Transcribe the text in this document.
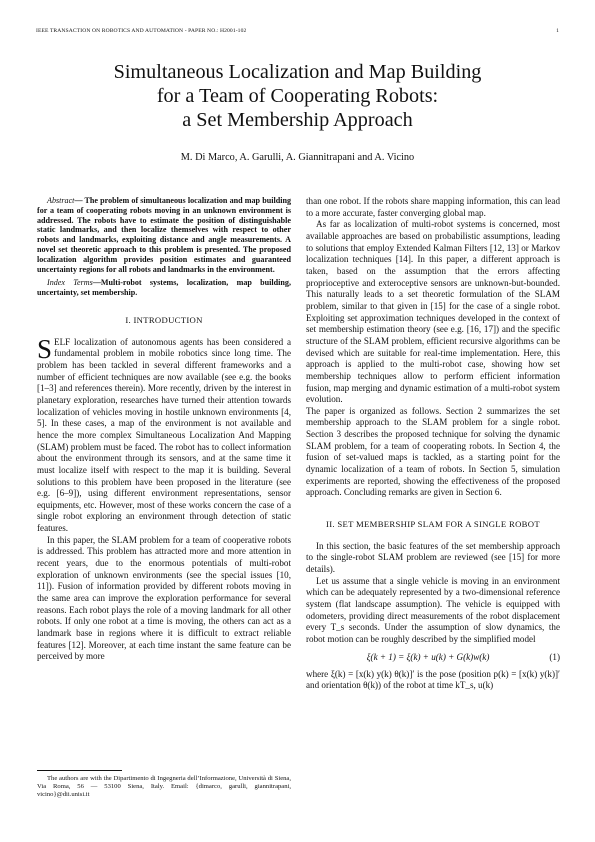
IEEE TRANSACTION ON ROBOTICS AND AUTOMATION - PAPER NO.: H2001-102	1
Simultaneous Localization and Map Building
for a Team of Cooperating Robots:
a Set Membership Approach
M. Di Marco, A. Garulli, A. Giannitrapani and A. Vicino

Abstract— The problem of simultaneous localization and map building for a team of cooperating robots moving in an unknown environment is addressed. The robots have to estimate the position of distinguishable static landmarks, and then localize themselves with respect to other robots and landmarks, exploiting distance and angle measurements. A novel set theoretic approach to this problem is presented. The proposed localization algorithm provides position estimates and guaranteed uncertainty regions for all robots and landmarks in the environment.

Index Terms—Multi-robot systems, localization, map building, uncertainty, set membership.

I. INTRODUCTION

SELF localization of autonomous agents has been considered a fundamental problem in mobile robotics since long time. The problem has been tackled in several different frameworks and a number of efficient techniques are now available (see e.g. the books [1–3] and references therein). More recently, driven by the interest in planetary exploration, researches have turned their attention towards localization of vehicles moving in hostile unknown environments [4, 5]. In these cases, a map of the environment is not available and hence the more complex Simultaneous Localization And Mapping (SLAM) problem must be faced. The robot has to collect information about the environment through its sensors, and at the same time it must localize itself with respect to the map it is building. Several solutions to this problem have been proposed in the literature (see e.g. [6–9]), using different environment representations, sensor equipments, etc. However, most of these works concern the case of a single robot exploring an environment through detection of static features.

In this paper, the SLAM problem for a team of cooperative robots is addressed. This problem has attracted more and more attention in recent years, due to the enormous potentials of multi-robot exploration of unknown environments (see the special issues [10, 11]). Fusion of information provided by different robots moving in the same area can improve the exploration performance for several reasons. Each robot plays the role of a moving landmark for all other robots. If only one robot at a time is moving, the others can act as a landmark base in regions where it is difficult to extract reliable features [12]. Moreover, at each time instant the same feature can be perceived by more

than one robot. If the robots share mapping information, this can lead to a more accurate, faster converging global map.

As far as localization of multi-robot systems is concerned, most available approaches are based on probabilistic assumptions, leading to solutions that employ Extended Kalman Filters [12, 13] or Markov localization techniques [14]. In this paper, a different approach is taken, based on the assumption that the errors affecting proprioceptive and exteroceptive sensors are unknown-but-bounded. This naturally leads to a set theoretic formulation of the SLAM problem, similar to that given in [15] for the case of a single robot. Exploiting set approximation techniques developed in the context of set membership estimation theory (see e.g. [16, 17]) and the specific structure of the SLAM problem, efficient recursive algorithms can be devised which are suitable for real-time implementation. Here, this approach is applied to the multi-robot case, showing how set membership techniques allow to perform efficient information fusion, map merging and dynamic estimation of a multi-robot system evolution.

The paper is organized as follows. Section 2 summarizes the set membership approach to the SLAM problem for a single robot. Section 3 describes the proposed technique for solving the dynamic SLAM problem, for a team of cooperating robots. In Section 4, the fusion of set-valued maps is tackled, as a starting point for the dynamic localization of a team of robots. In Section 5, simulation experiments are reported, showing the effectiveness of the proposed approach. Concluding remarks are given in Section 6.

II. SET MEMBERSHIP SLAM FOR A SINGLE ROBOT

In this section, the basic features of the set membership approach to the single-robot SLAM problem are reviewed (see [15] for more details).

Let us assume that a single vehicle is moving in an environment which can be adequately represented by a two-dimensional reference system (flat landscape assumption). The vehicle is equipped with odometers, providing direct measurements of the robot displacement every T_s seconds. Under the assumption of slow dynamics, the robot motion can be roughly described by the simplified model

ξ(k + 1) = ξ(k) + u(k) + G(k)w(k)	(1)

where ξ(k) = [x(k) y(k) θ(k)]′ is the pose (position p(k) = [x(k) y(k)]′ and orientation θ(k)) of the robot at time kT_s, u(k)

The authors are with the Dipartimento di Ingegneria dell’Informazione, Università di Siena, Via Roma, 56 — 53100 Siena, Italy. Email: {dimarco, garulli, giannitrapani, vicino}@dii.unisi.it
